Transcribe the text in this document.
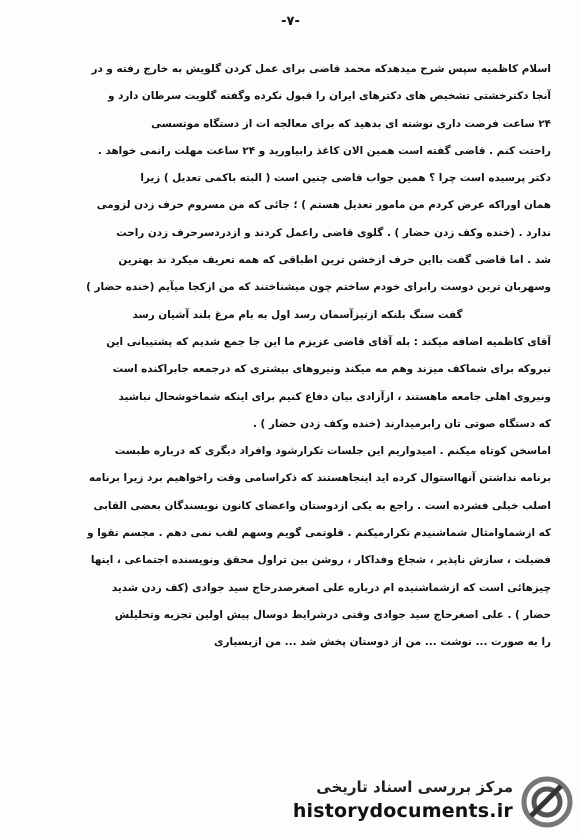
-۷-
اسلام کاظمیه سپس شرح میدهدکه محمد قاضی برای عمل کردن گلویش به خارج رفته و در
آنجا دکترخشتی تشخیص های دکترهای ایران را قبول نکرده وگفته گلویت سرطان دارد و
۲۴ ساعت فرصت داری نوشته ای بدهید که برای معالجه ات از دستگاه موتسسی
راحتت کنم . قاضی گفته است همین الان کاغذ رابیاورید و ۲۴ ساعت مهلت رانمی خواهد .
دکتر پرسیده است چرا ؟ همین جواب قاضی چنین است ( البته باکمی تعدیل ) زیرا
همان اوراکه عرض کردم من مامور تعدیل هستم ) ؛ جائی که من مسروم حرف زدن لزومی
ندارد . (خنده وکف زدن حضار ) . گلوی قاضی راعمل کردند و ازدردسرحرف زدن راحت
شد . اما قاضی گفت بااین حرف ازخشن ترین اطباقی که همه تعریف میکرد ند بهترین
وسهربان ترین دوست رابرای خودم ساختم چون میشناختند که من ازکجا میآیم (خنده حضار )
گفت سنگ بلنکه ازتیزآسمان رسد اول به بام مرغ بلند آشیان رسد
آقای کاظمیه اضافه میکند : بله آقای قاضی عزیزم ما این جا جمع شدیم که پشتیبانی این
نیروکه برای شماکف میزند وهم مه میکند ونیروهای بیشتری که درجمعه جابراکنده است
ونیروی اهلی جامعه ماهستند ، ازآزادی بیان دفاع کنیم برای اینکه شماخوشحال نباشید
که دستگاه صوتی تان رابرمیدارند (خنده وکف زدن حضار ) .
اماسخن کوتاه میکنم . امیدواریم این جلسات تکرارشود وافراد دیگری که درباره طبست
برنامه نداشتن آنهااستوال کرده اید اینجاهستند که ذکراسامی وقت راخواهیم برد زیرا برنامه
اصلب خیلی فشرده است . راجع به یکی ازدوستان واعضای کانون نویسندگان بعضی القابی
که ازشماوامثال شماشنیدم تکرارمیکنم . قلوتمی گویم وسهم لقب نمی دهم . مجسم تقوا و
فضیلت ، سازش ناپذیر ، شجاع وفداکار ، روشن بین تراول محقق ونویسنده اجتماعی ، اینها
چیزهائی است که ازشماشنیده ام درباره علی اصغرصدرحاج سید جوادی (کف زدن شدید
حضار ) . علی اصغرحاج سید جوادی وقتی درشرایط دوسال پیش اولین تجزیه وتحلیلش
را به صورت ... نوشت ... من از دوستان پخش شد ... من ازبسیاری
مرکز بررسی اسناد تاریخی
historydocuments.ir
